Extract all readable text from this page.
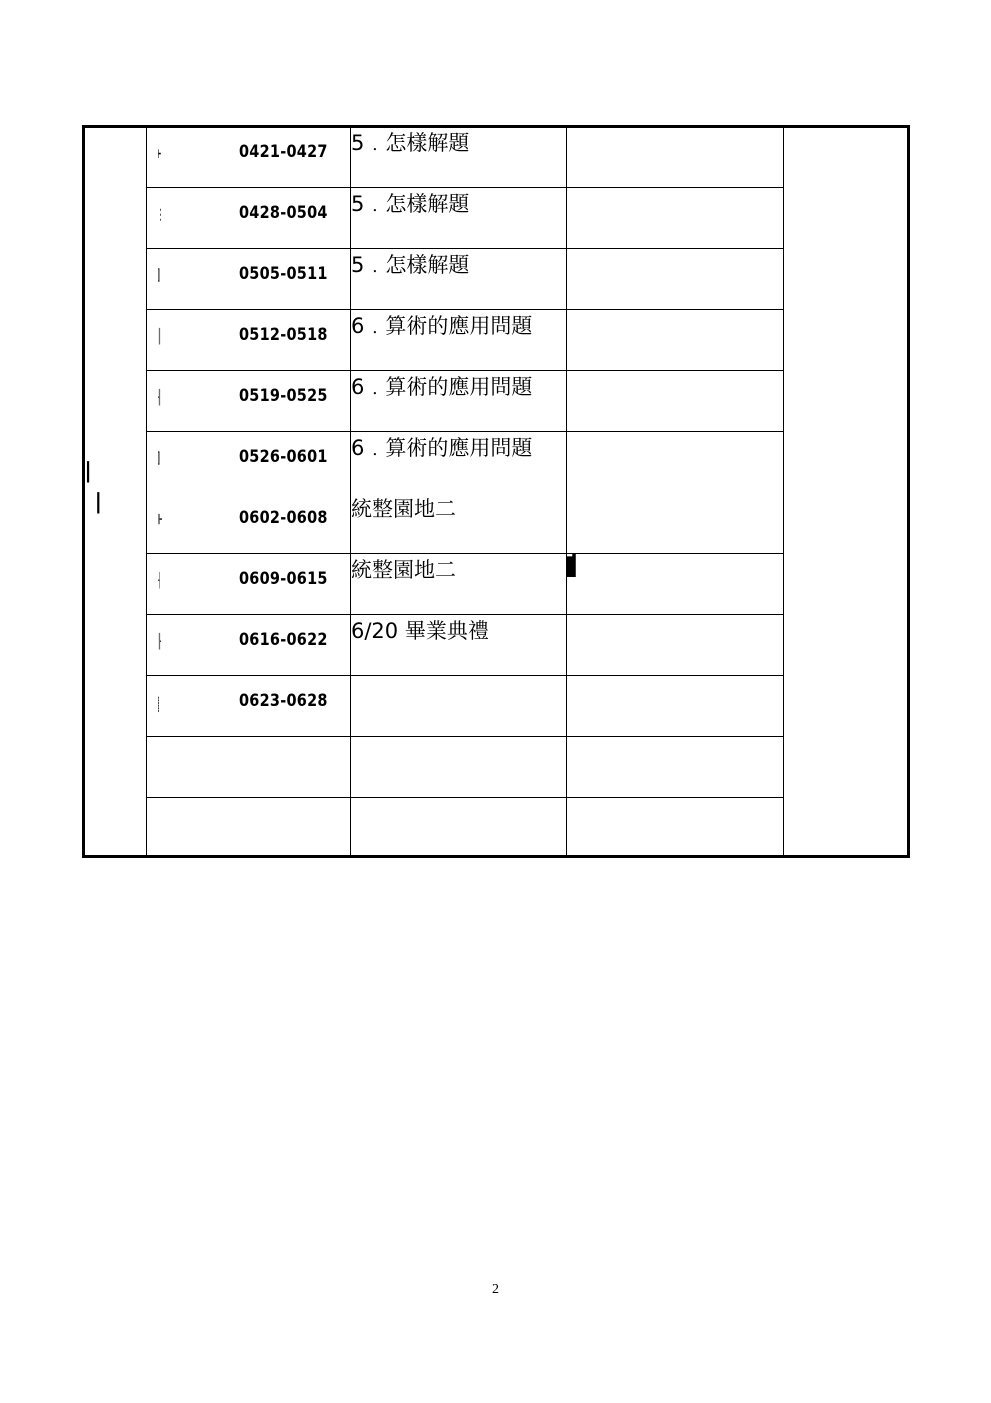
⊢
⋮
⫿
║
╢
⫿
⊩
┤
╟
⸽
0421-0427
0428-0504
0505-0511
0512-0518
0519-0525
0526-0601
0602-0608
0609-0615
0616-0622
0623-0628
5﹒怎樣解題
5﹒怎樣解題
5﹒怎樣解題
6﹒算術的應用問題
6﹒算術的應用問題
6﹒算術的應用問題
統整園地二
統整園地二
6/20 畢業典禮
▇▋
▌
▐
2
